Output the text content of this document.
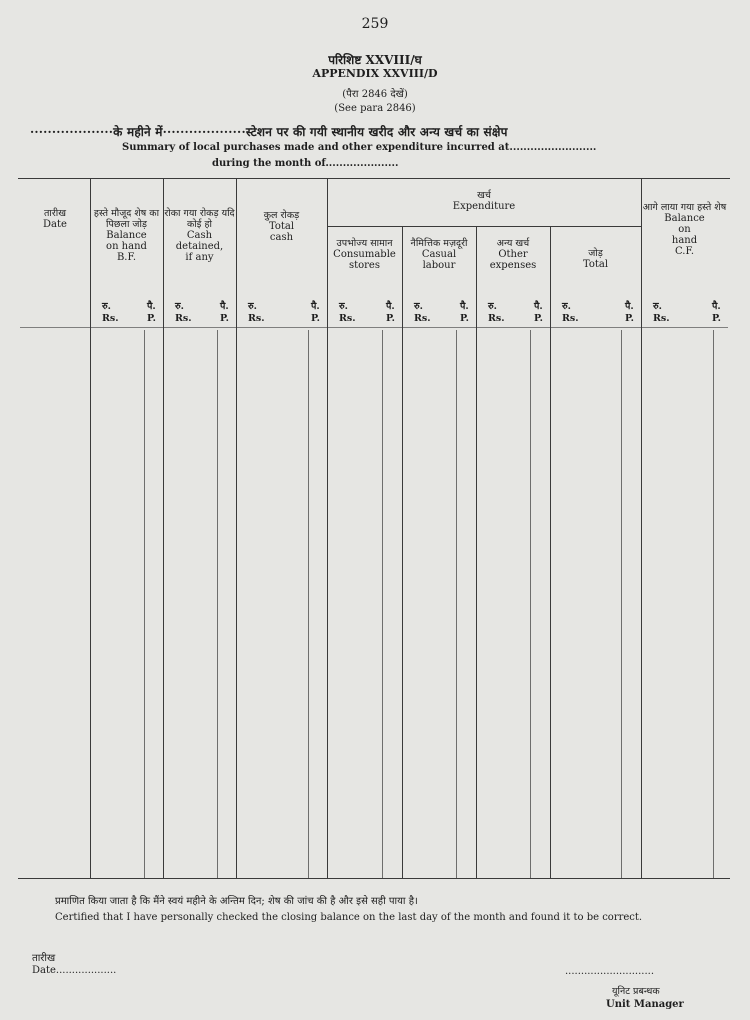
259
परिशिष्ट XXVIII/घ
APPENDIX XXVIII/D
(पैरा 2846 देखें)
(See para 2846)
···················के महीने में···················स्टेशन पर की गयी स्थानीय खरीद और अन्य खर्च का संक्षेप
Summary of local purchases made and other expenditure incurred at.........................
during the month of.....................
खर्च
Expenditure
तारीख
Date
हस्ते मौजूद शेष का पिछला जोड़
Balance
on hand
B.F.
रु.
Rs.
पै.
P.
रोका गया रोकड़ यदि कोई हो
Cash
detained,
if any
रु.
Rs.
पै.
P.
कुल रोकड़
Total
cash
रु.
Rs.
पै.
P.
उपभोज्य सामान
Consumable
stores
रु.
Rs.
पै.
P.
नैमित्तिक मज़दूरी
Casual
labour
रु.
Rs.
पै.
P.
अन्य खर्च
Other
expenses
रु.
Rs.
पै.
P.
जोड़
Total
रु.
Rs.
पै.
P.
आगे लाया गया हस्ते शेष
Balance
on
hand
C.F.
रु.
Rs.
पै.
P.
प्रमाणित किया जाता है कि मैंने स्वयं महीने के अन्तिम दिन; शेष की जांच की है और इसे सही पाया है।
Certified that I have personally checked the closing balance on the last day of the month and found it to be correct.
तारीख
Date...................	............................
यूनिट प्रबन्धक
Unit Manager
